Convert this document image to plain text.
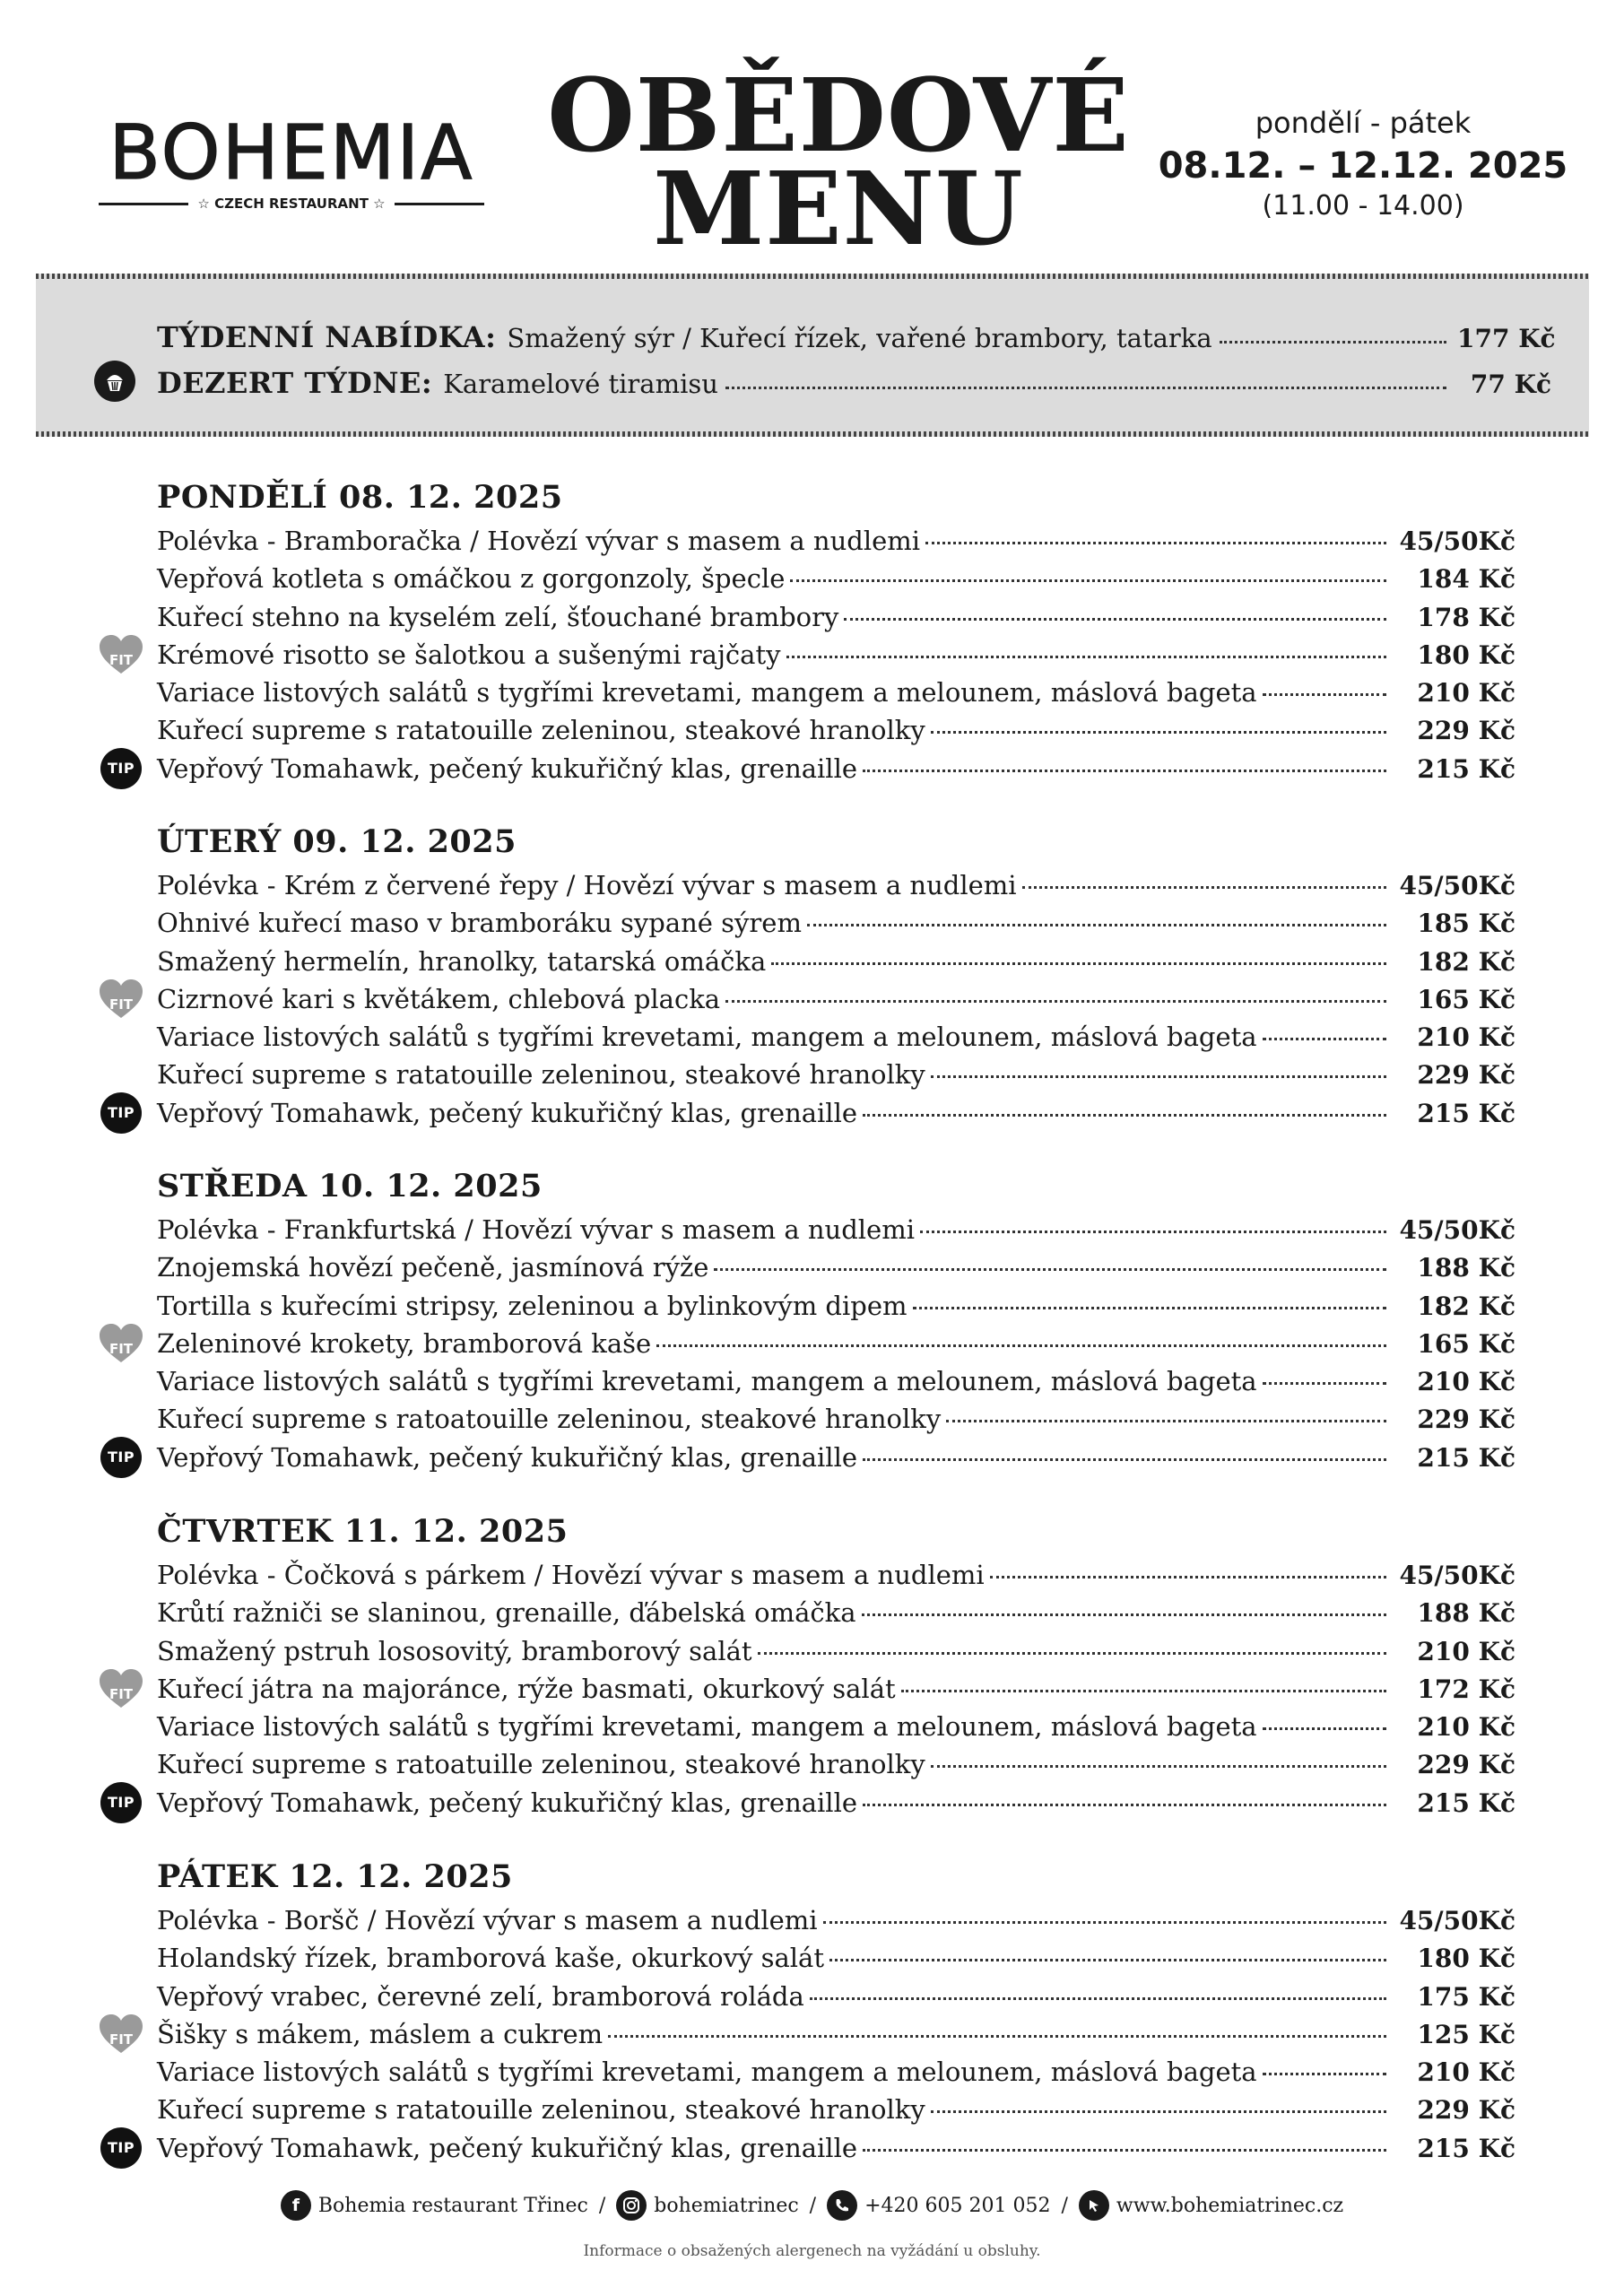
BOHEMIA
☆ CZECH RESTAURANT ☆
OBĚDOVÉ
MENU
pondělí - pátek
08.12. – 12.12. 2025
(11.00 - 14.00)
TÝDENNÍ NABÍDKA: Smažený sýr / Kuřecí řízek, vařené brambory, tatarka	177 Kč
DEZERT TÝDNE: Karamelové tiramisu	77 Kč
PONDĚLÍ 08. 12. 2025
Polévka - Bramboračka / Hovězí vývar s masem a nudlemi	45/50Kč
Vepřová kotleta s omáčkou z gorgonzoly, špecle	184 Kč
Kuřecí stehno na kyselém zelí, šťouchané brambory	178 Kč
FIT Krémové risotto se šalotkou a sušenými rajčaty	180 Kč
Variace listových salátů s tygřími krevetami, mangem a melounem, máslová bageta	210 Kč
Kuřecí supreme s ratatouille zeleninou, steakové hranolky	229 Kč
TIP Vepřový Tomahawk, pečený kukuřičný klas, grenaille	215 Kč
ÚTERÝ 09. 12. 2025
Polévka - Krém z červené řepy / Hovězí vývar s masem a nudlemi	45/50Kč
Ohnivé kuřecí maso v bramboráku sypané sýrem	185 Kč
Smažený hermelín, hranolky, tatarská omáčka	182 Kč
FIT Cizrnové kari s květákem, chlebová placka	165 Kč
Variace listových salátů s tygřími krevetami, mangem a melounem, máslová bageta	210 Kč
Kuřecí supreme s ratatouille zeleninou, steakové hranolky	229 Kč
TIP Vepřový Tomahawk, pečený kukuřičný klas, grenaille	215 Kč
STŘEDA 10. 12. 2025
Polévka - Frankfurtská / Hovězí vývar s masem a nudlemi	45/50Kč
Znojemská hovězí pečeně, jasmínová rýže	188 Kč
Tortilla s kuřecími stripsy, zeleninou a bylinkovým dipem	182 Kč
FIT Zeleninové krokety, bramborová kaše	165 Kč
Variace listových salátů s tygřími krevetami, mangem a melounem, máslová bageta	210 Kč
Kuřecí supreme s ratoatouille zeleninou, steakové hranolky	229 Kč
TIP Vepřový Tomahawk, pečený kukuřičný klas, grenaille	215 Kč
ČTVRTEK 11. 12. 2025
Polévka - Čočková s párkem / Hovězí vývar s masem a nudlemi	45/50Kč
Krůtí ražniči se slaninou, grenaille, ďábelská omáčka	188 Kč
Smažený pstruh lososovitý, bramborový salát	210 Kč
FIT Kuřecí játra na majoránce, rýže basmati, okurkový salát	172 Kč
Variace listových salátů s tygřími krevetami, mangem a melounem, máslová bageta	210 Kč
Kuřecí supreme s ratoatuille zeleninou, steakové hranolky	229 Kč
TIP Vepřový Tomahawk, pečený kukuřičný klas, grenaille	215 Kč
PÁTEK 12. 12. 2025
Polévka - Boršč / Hovězí vývar s masem a nudlemi	45/50Kč
Holandský řízek, bramborová kaše, okurkový salát	180 Kč
Vepřový vrabec, čerevné zelí, bramborová roláda	175 Kč
FIT Šišky s mákem, máslem a cukrem	125 Kč
Variace listových salátů s tygřími krevetami, mangem a melounem, máslová bageta	210 Kč
Kuřecí supreme s ratatouille zeleninou, steakové hranolky	229 Kč
TIP Vepřový Tomahawk, pečený kukuřičný klas, grenaille	215 Kč
f Bohemia restaurant Třinec / bohemiatrinec / +420 605 201 052 / www.bohemiatrinec.cz
Informace o obsažených alergenech na vyžádání u obsluhy.
